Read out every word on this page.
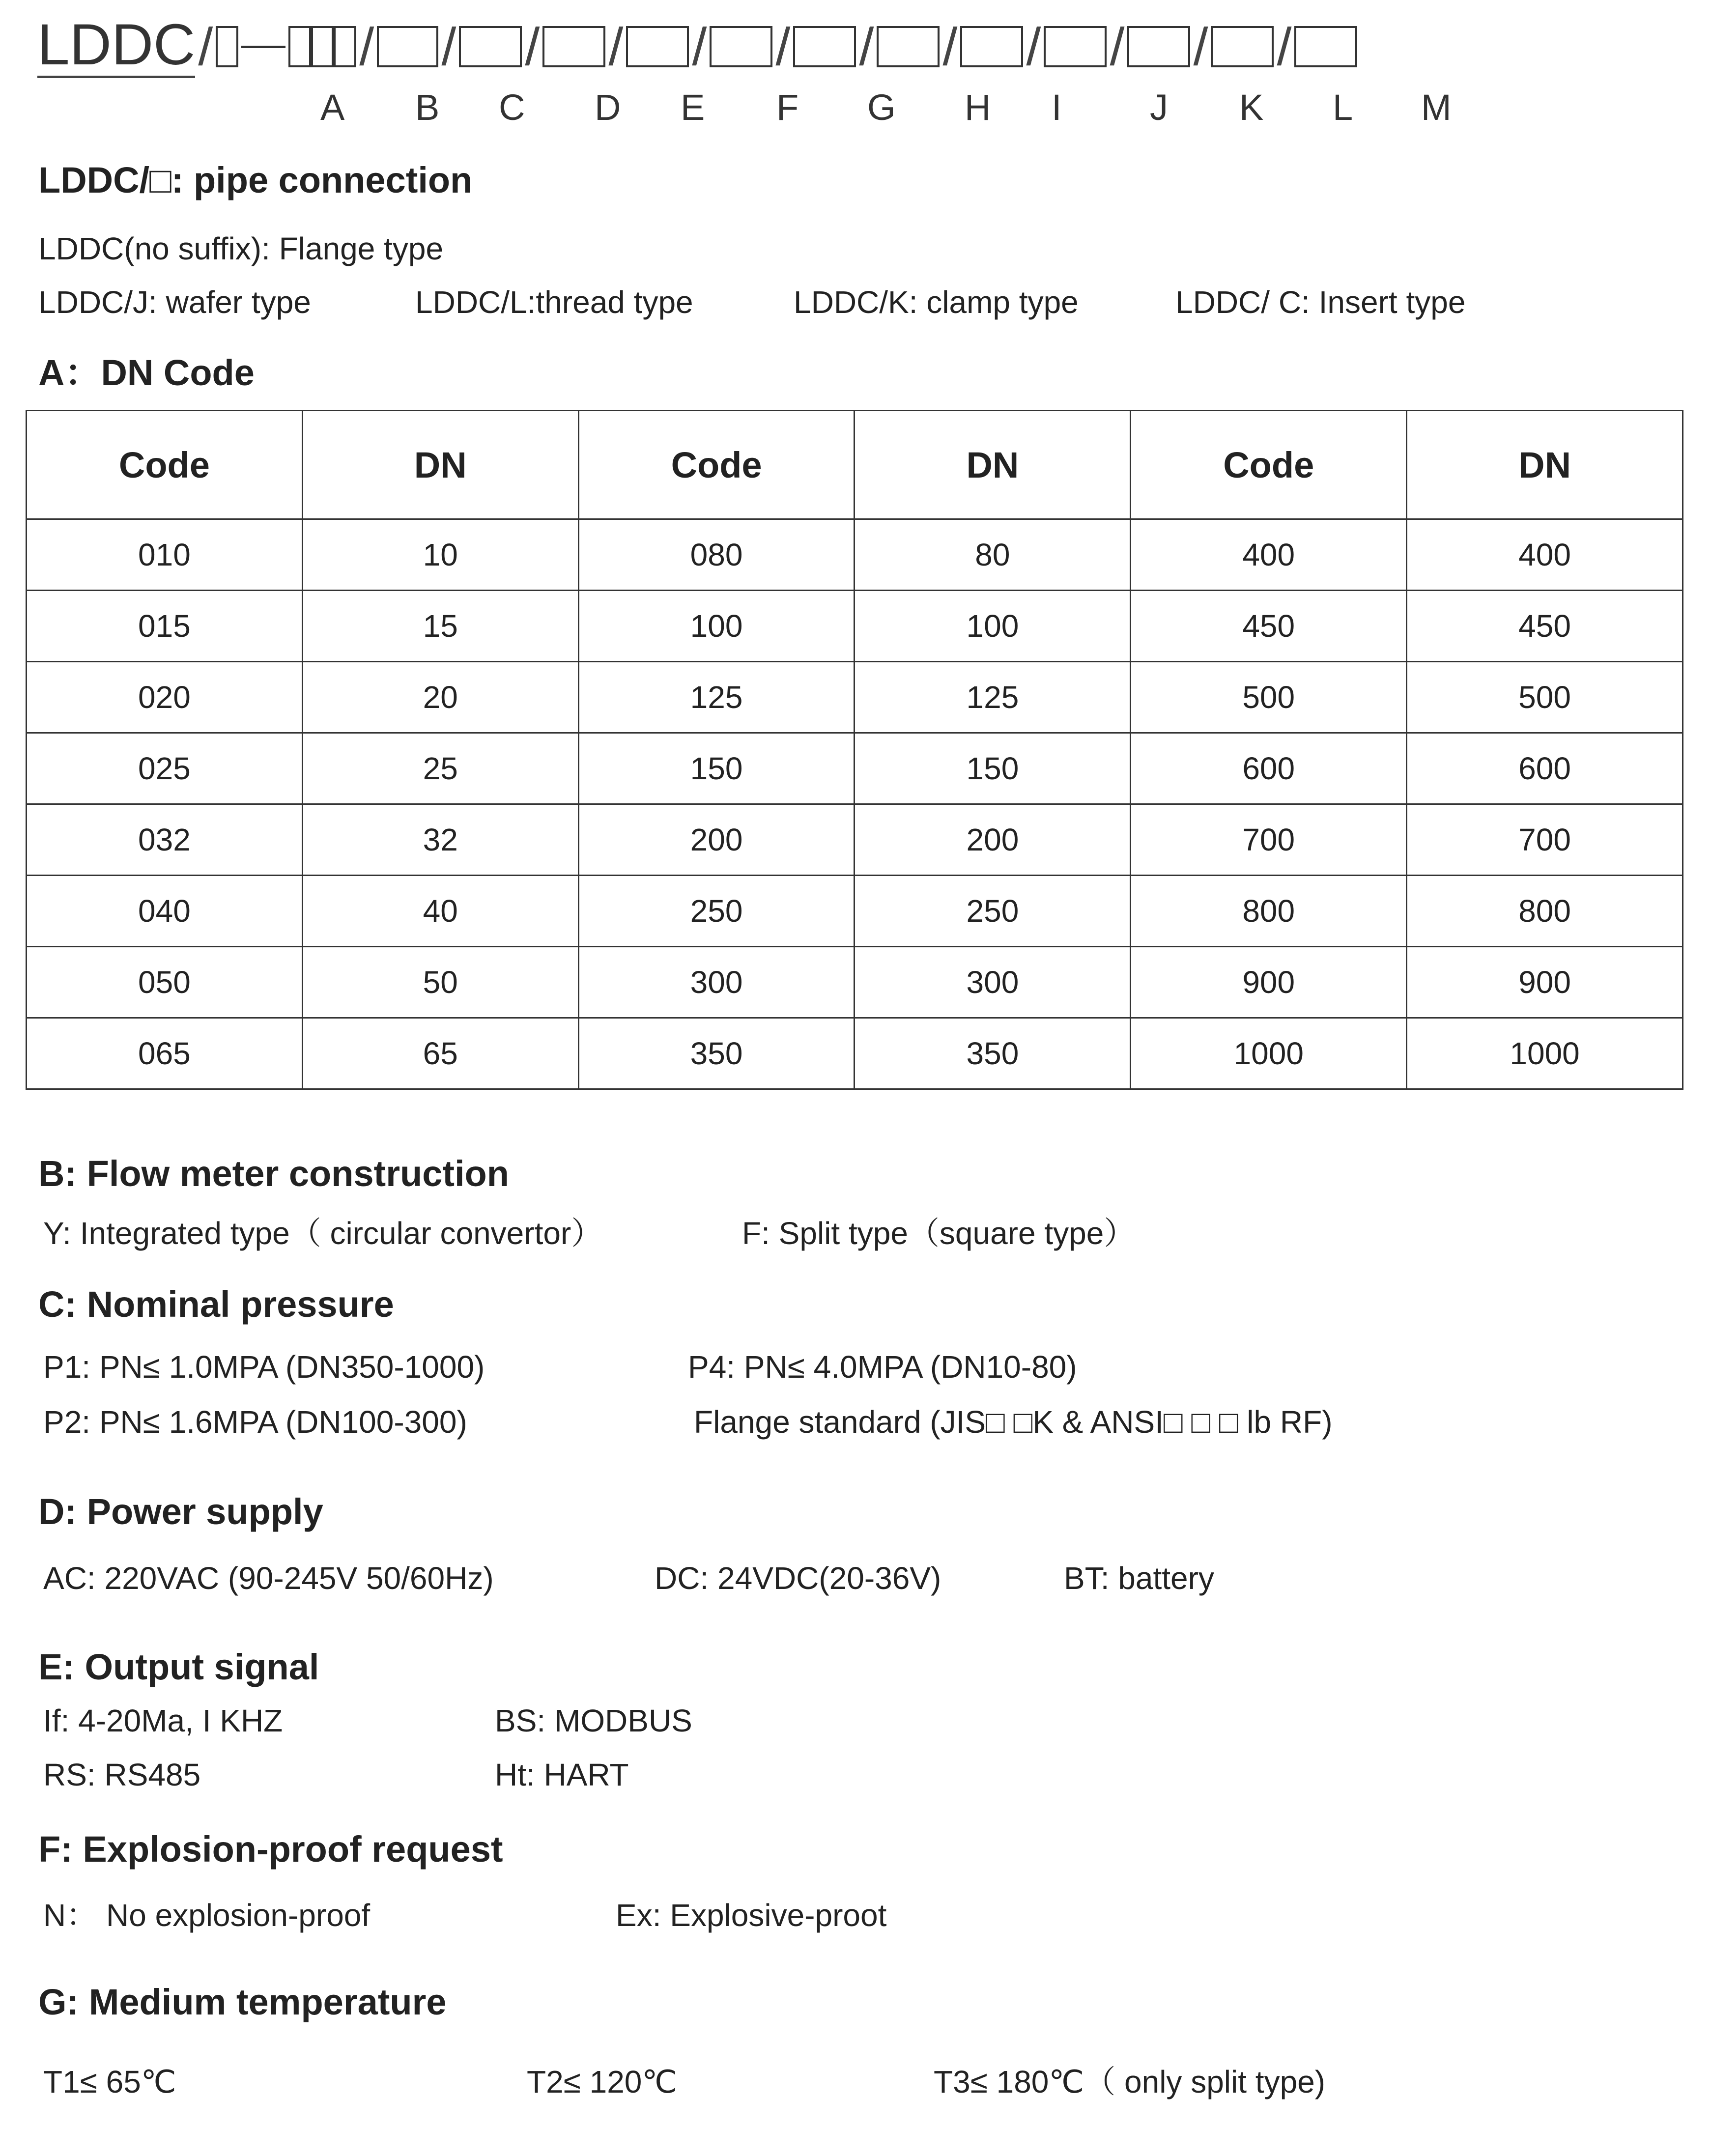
LDDC /	/ / / / / / / / / / / /
A B C D E F G H I J K L M
LDDC/□: pipe connection
LDDC(no suffix): Flange type
LDDC/J: wafer type	LDDC/L:thread type	LDDC/K: clamp type	LDDC/ C: Insert type
A：DN Code
Code	DN	Code	DN	Code	DN
010	10	080	80	400	400
015	15	100	100	450	450
020	20	125	125	500	500
025	25	150	150	600	600
032	32	200	200	700	700
040	40	250	250	800	800
050	50	300	300	900	900
065	65	350	350	1000	1000
B: Flow meter construction
Y: Integrated type（ circular convertor）	F: Split type（square type）
C: Nominal pressure
P1: PN≤ 1.0MPA (DN350-1000)	P4: PN≤ 4.0MPA (DN10-80)
P2: PN≤ 1.6MPA (DN100-300)	Flange standard (JIS□ □K & ANSI□ □ □ lb RF)
D: Power supply
AC: 220VAC (90-245V 50/60Hz)	DC: 24VDC(20-36V)	BT: battery
E: Output signal
If: 4-20Ma, I KHZ	BS: MODBUS
RS: RS485	Ht: HART
F: Explosion-proof request
N： No explosion-proof	Ex: Explosive-proot
G: Medium temperature
T1≤ 65℃	T2≤ 120℃	T3≤ 180℃（ only split type)
